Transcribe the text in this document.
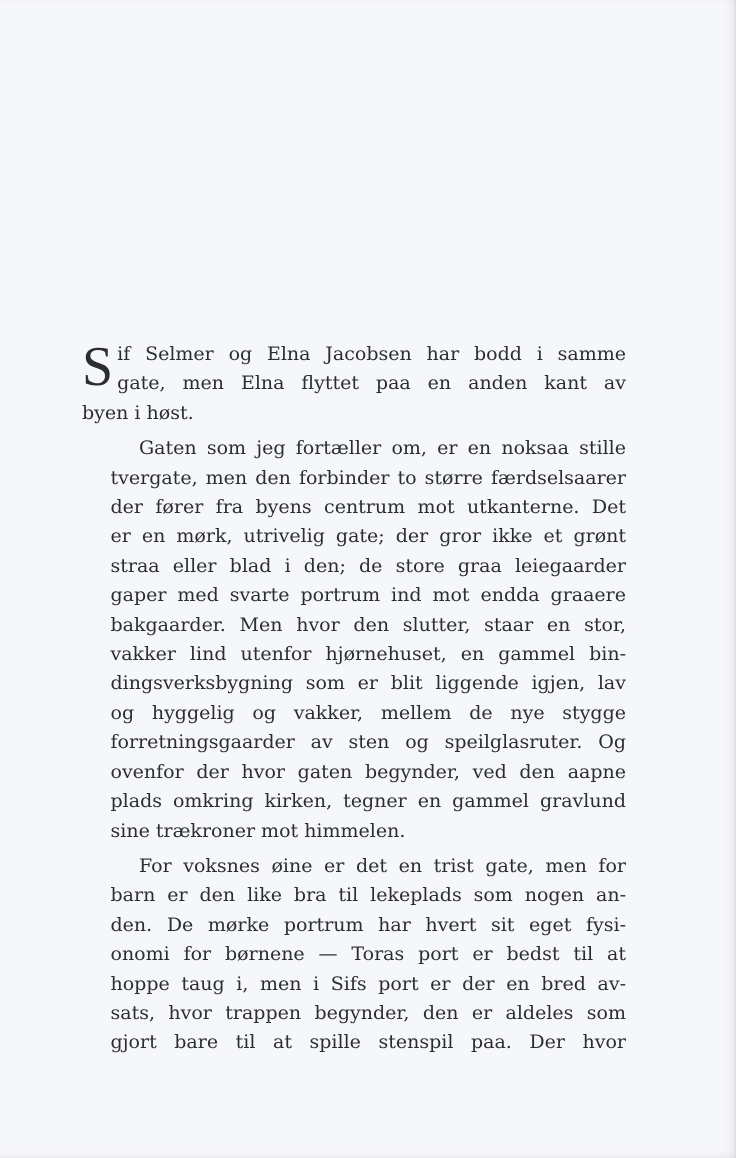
S if Selmer og Elna Jacobsen har bodd i samme
gate, men Elna flyttet paa en anden kant av
byen i høst.

Gaten som jeg fortæller om, er en noksaa stille
tvergate, men den forbinder to større færdselsaarer
der fører fra byens centrum mot utkanterne. Det
er en mørk, utrivelig gate; der gror ikke et grønt
straa eller blad i den; de store graa leiegaarder
gaper med svarte portrum ind mot endda graaere
bakgaarder. Men hvor den slutter, staar en stor,
vakker lind utenfor hjørnehuset, en gammel bin-
dingsverksbygning som er blit liggende igjen, lav
og hyggelig og vakker, mellem de nye stygge
forretningsgaarder av sten og speilglasruter. Og
ovenfor der hvor gaten begynder, ved den aapne
plads omkring kirken, tegner en gammel gravlund
sine trækroner mot himmelen.

For voksnes øine er det en trist gate, men for
barn er den like bra til lekeplads som nogen an-
den. De mørke portrum har hvert sit eget fysi-
onomi for børnene — Toras port er bedst til at
hoppe taug i, men i Sifs port er der en bred av-
sats, hvor trappen begynder, den er aldeles som
gjort bare til at spille stenspil paa. Der hvor
